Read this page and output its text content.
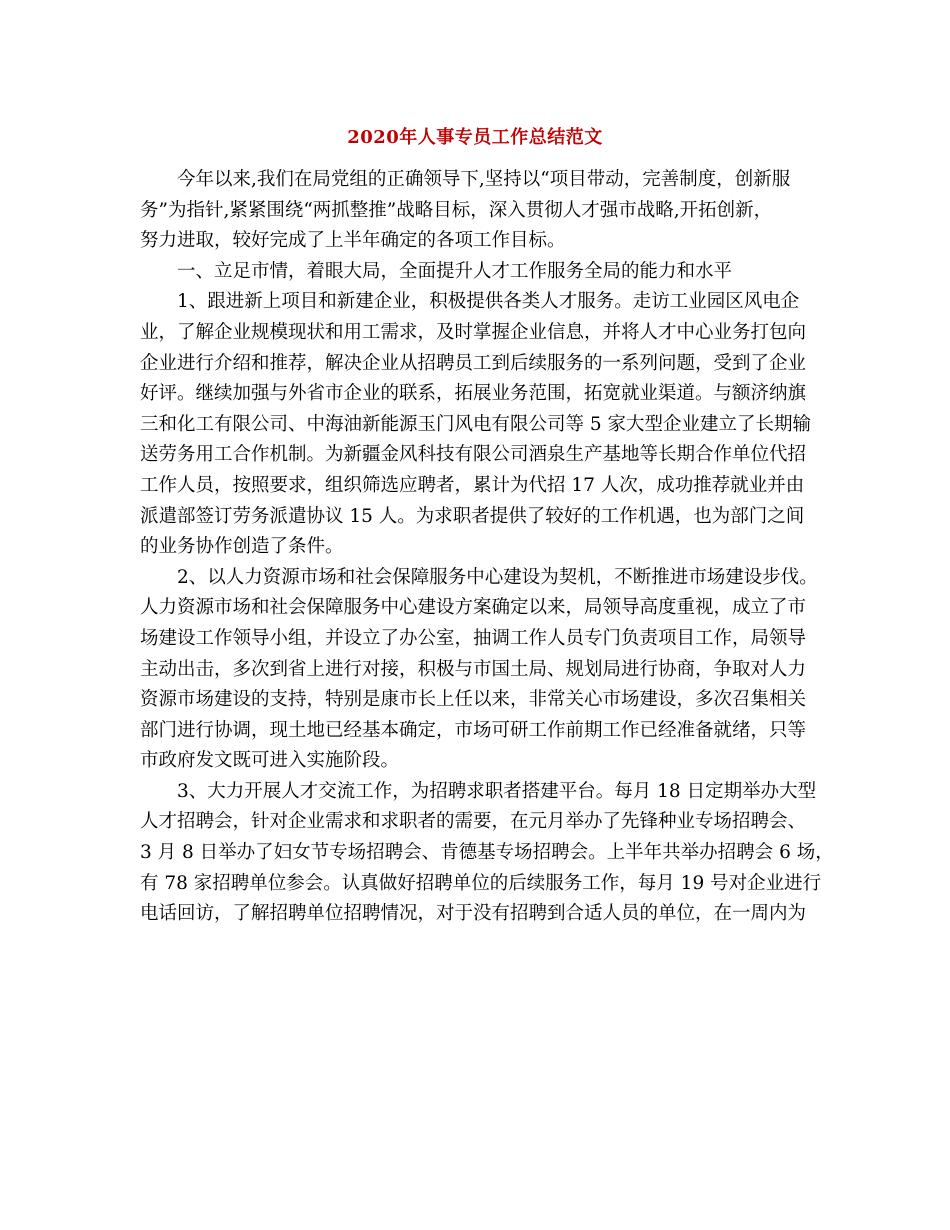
2020年人事专员工作总结范文

今年以来,我们在局党组的正确领导下,坚持以“项目带动，完善制度，创新服
务”为指针,紧紧围绕“两抓整推”战略目标，深入贯彻人才强市战略,开拓创新，
努力进取，较好完成了上半年确定的各项工作目标。

一、立足市情，着眼大局，全面提升人才工作服务全局的能力和水平

1、跟进新上项目和新建企业，积极提供各类人才服务。走访工业园区风电企
业，了解企业规模现状和用工需求，及时掌握企业信息，并将人才中心业务打包向
企业进行介绍和推荐，解决企业从招聘员工到后续服务的一系列问题，受到了企业
好评。继续加强与外省市企业的联系，拓展业务范围，拓宽就业渠道。与额济纳旗
三和化工有限公司、中海油新能源玉门风电有限公司等 5 家大型企业建立了长期输
送劳务用工合作机制。为新疆金风科技有限公司酒泉生产基地等长期合作单位代招
工作人员，按照要求，组织筛选应聘者，累计为代招 17 人次，成功推荐就业并由
派遣部签订劳务派遣协议 15 人。为求职者提供了较好的工作机遇，也为部门之间
的业务协作创造了条件。

2、以人力资源市场和社会保障服务中心建设为契机，不断推进市场建设步伐。
人力资源市场和社会保障服务中心建设方案确定以来，局领导高度重视，成立了市
场建设工作领导小组，并设立了办公室，抽调工作人员专门负责项目工作，局领导
主动出击，多次到省上进行对接，积极与市国土局、规划局进行协商，争取对人力
资源市场建设的支持，特别是康市长上任以来，非常关心市场建设，多次召集相关
部门进行协调，现土地已经基本确定，市场可研工作前期工作已经准备就绪，只等
市政府发文既可进入实施阶段。

3、大力开展人才交流工作，为招聘求职者搭建平台。每月 18 日定期举办大型
人才招聘会，针对企业需求和求职者的需要，在元月举办了先锋种业专场招聘会、
3 月 8 日举办了妇女节专场招聘会、肯德基专场招聘会。上半年共举办招聘会 6 场，
有 78 家招聘单位参会。认真做好招聘单位的后续服务工作，每月 19 号对企业进行
电话回访，了解招聘单位招聘情况，对于没有招聘到合适人员的单位，在一周内为
